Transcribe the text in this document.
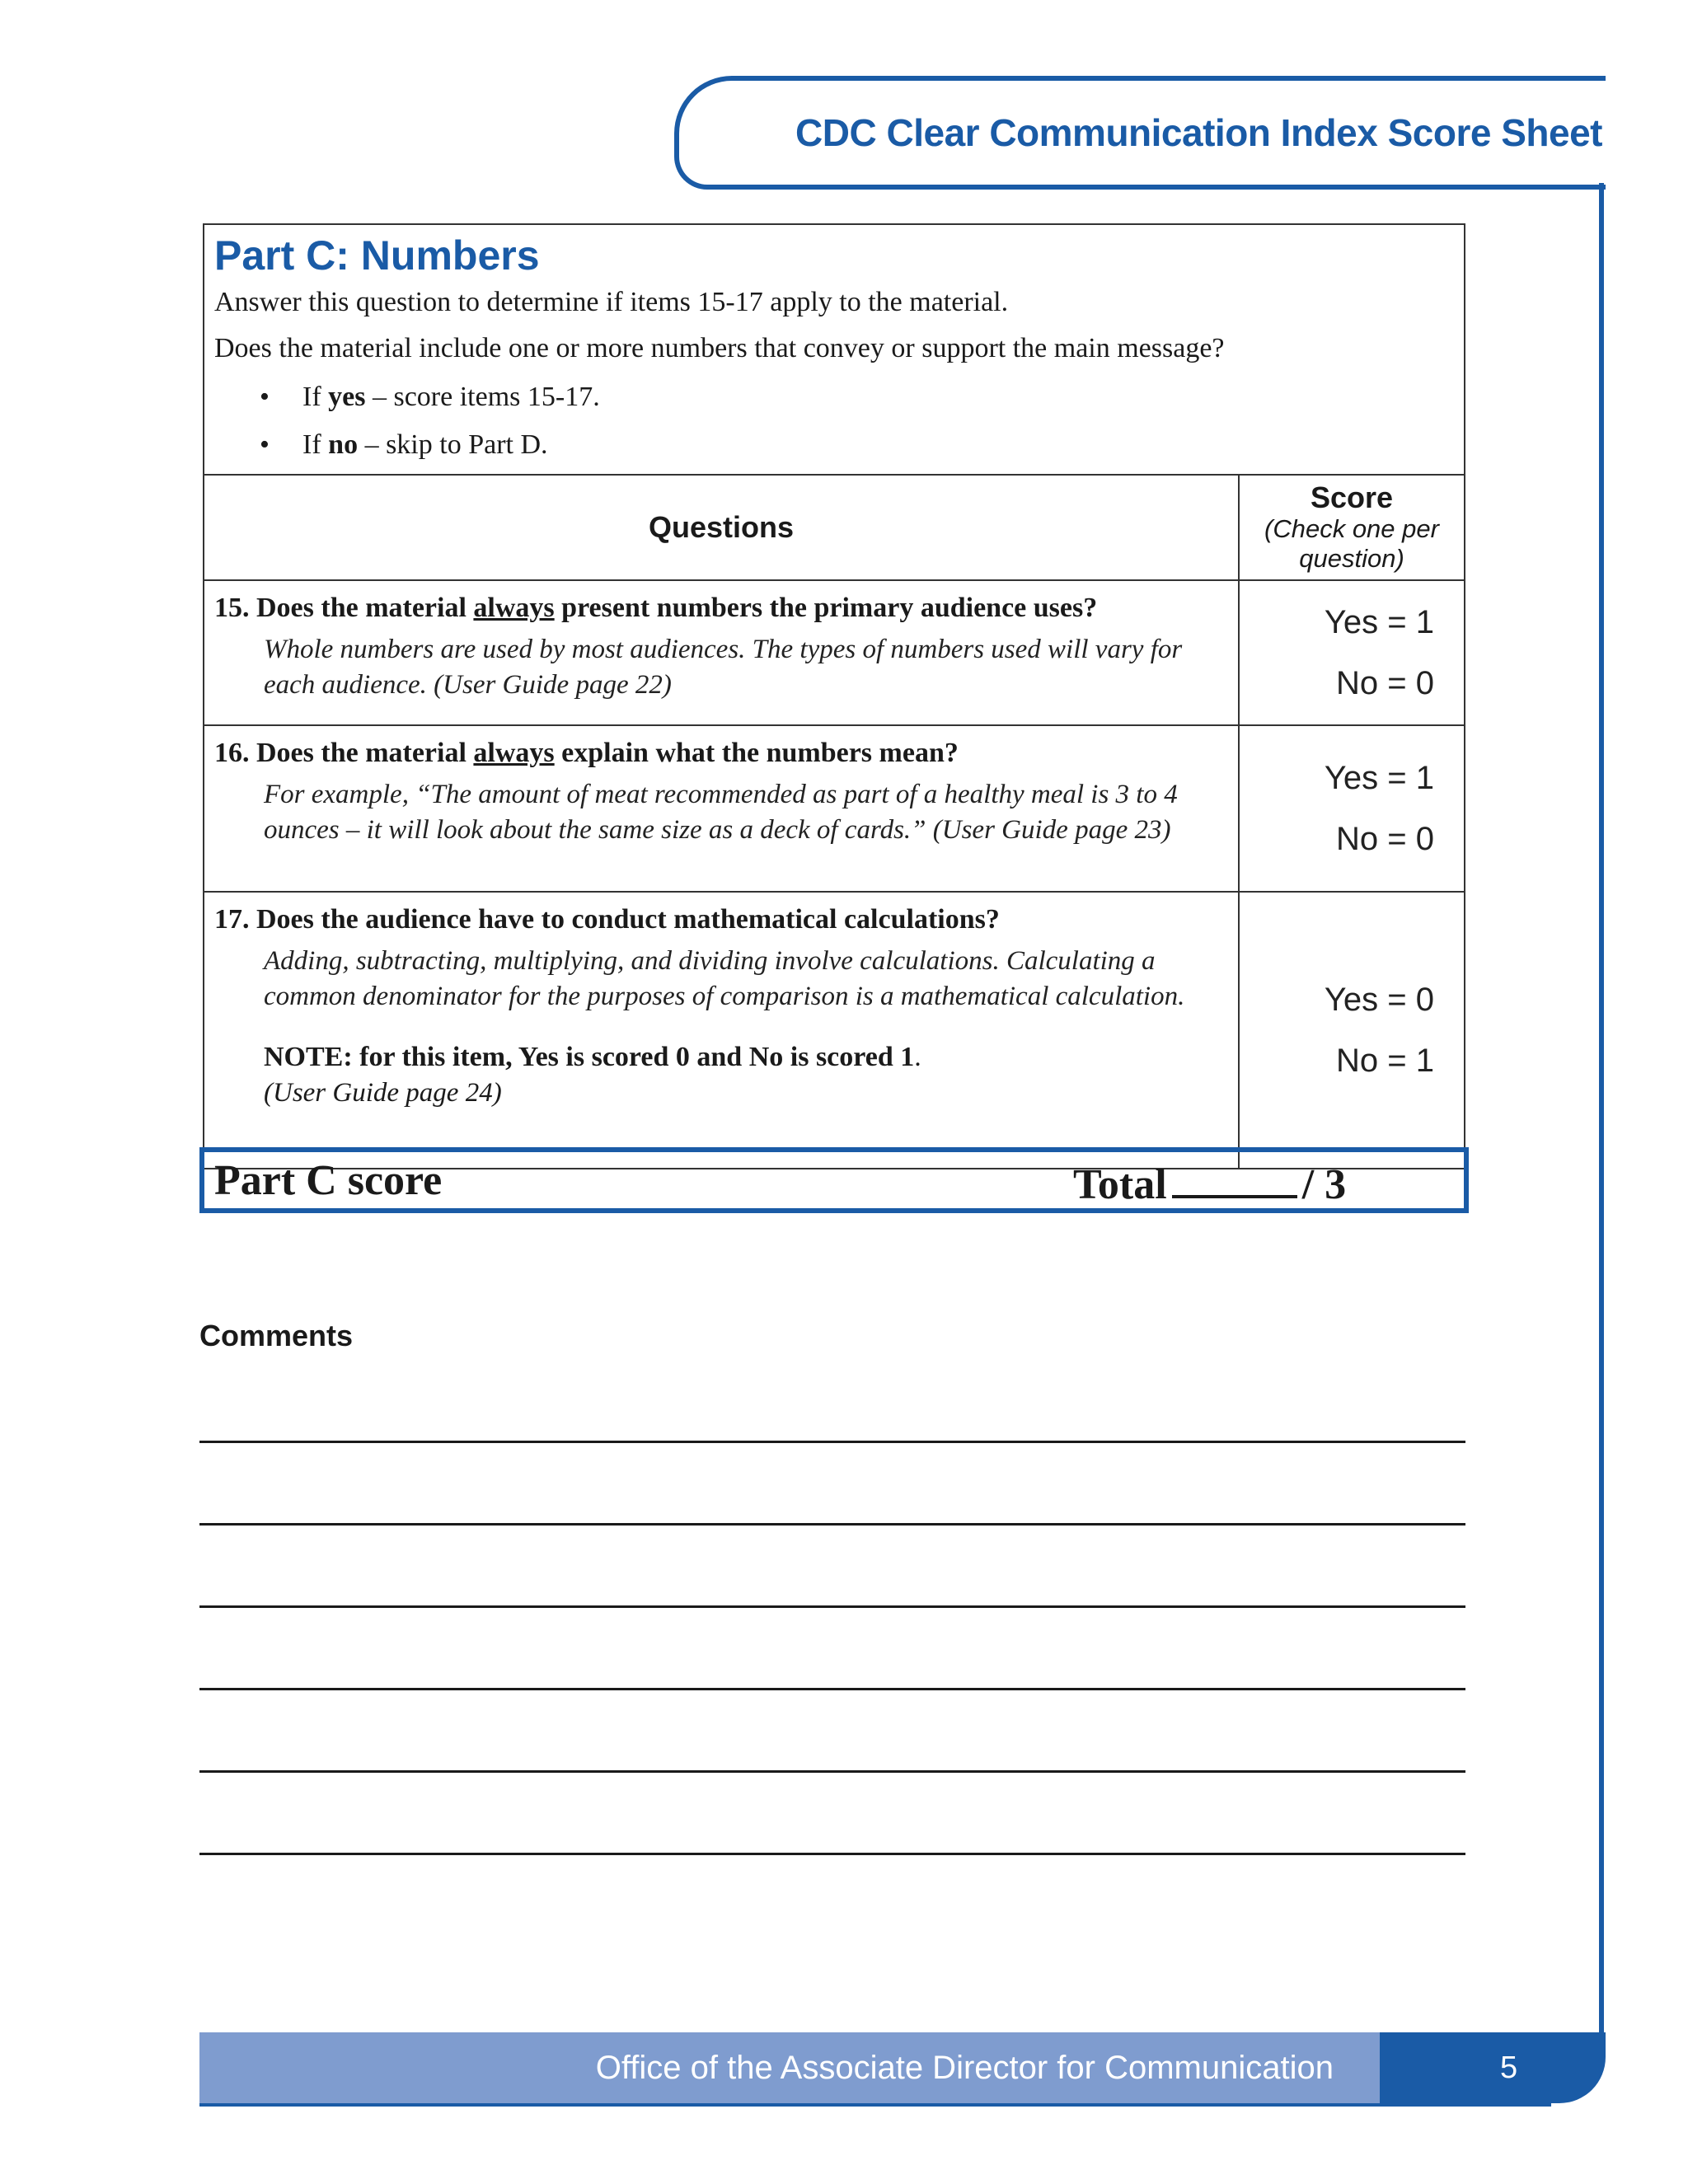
CDC Clear Communication Index Score Sheet
Part C: Numbers

Answer this question to determine if items 15-17 apply to the material.

Does the material include one or more numbers that convey or support the main message?

• If yes – score items 15-17.
• If no – skip to Part D.
Questions
Score
(Check one per question)
15. Does the material always present numbers the primary audience uses?
Whole numbers are used by most audiences. The types of numbers used will vary for each audience. (User Guide page 22)
Yes = 1
No = 0
16. Does the material always explain what the numbers mean?
For example, “The amount of meat recommended as part of a healthy meal is 3 to 4 ounces – it will look about the same size as a deck of cards.” (User Guide page 23)
Yes = 1
No = 0
17. Does the audience have to conduct mathematical calculations?
Adding, subtracting, multiplying, and dividing involve calculations. Calculating a common denominator for the purposes of comparison is a mathematical calculation.
NOTE: for this item, Yes is scored 0 and No is scored 1.
(User Guide page 24)
Yes = 0
No = 1
Part C score	Total	/ 3
Comments
Office of the Associate Director for Communication	5
